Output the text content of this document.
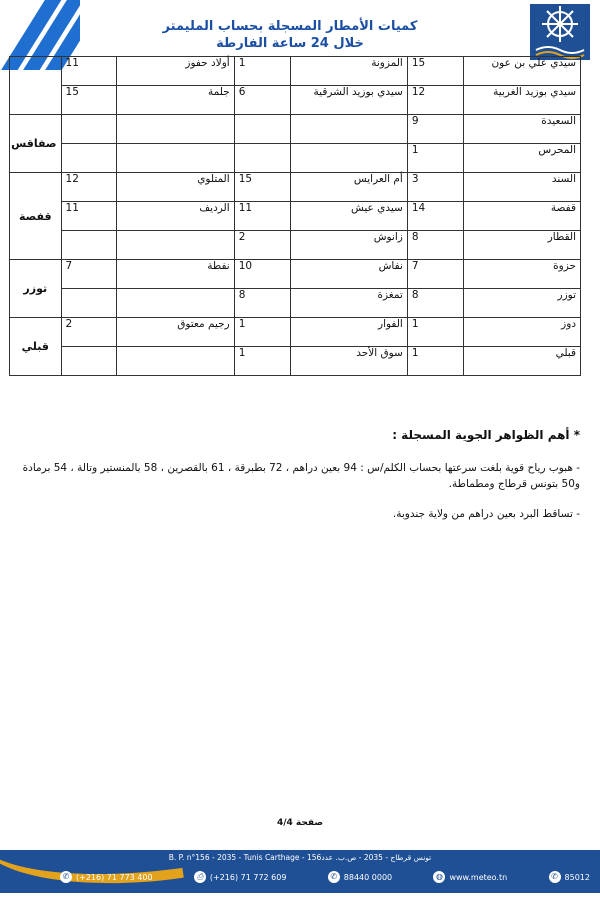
كميات الأمطار المسجلة بحساب المليمتر
خلال 24 ساعة الفارطة
سيدي علي بن عون	15	المزونة	1	أولاد حفوز	11	
سيدي بوزيد الغربية	12	سيدي بوزيد الشرقية	6	جلمة	15	
السعيدة	9					صفاقس
المحرس	1					
السند	3	أم العرايس	15	المتلوي	12	قفصة
قفصة	14	سيدي عيش	11	الرديف	11	
القطار	8	زانوش	2			
حزوة	7	نفاش	10	نفطة	7	توزر
توزر	8	تمغزة	8			
دوز	1	الفوار	1	رجيم معتوق	2	قبلي
قبلي	1	سوق الأحد	1			
* أهم الظواهر الجوية المسجلة :
- هبوب رياح قوية بلغت سرعتها بحساب الكلم/س : 94 بعين دراهم ، 72 بطبرقة ، 61 بالقصرين ، 58 بالمنستير وتالة ، 54 برمادة و50 بتونس قرطاج ومطماطة.
- تساقط البرد بعين دراهم من ولاية جندوبة.
صفحة 4/4
B. P. n°156 - 2035 - Tunis Carthage - تونس قرطاج - 2035 - ص.ب. عدد156
✆ (+216) 71 773 400	⎙ (+216) 71 772 609	✆ 88440 0000	◍ www.meteo.tn	✆ 85012
